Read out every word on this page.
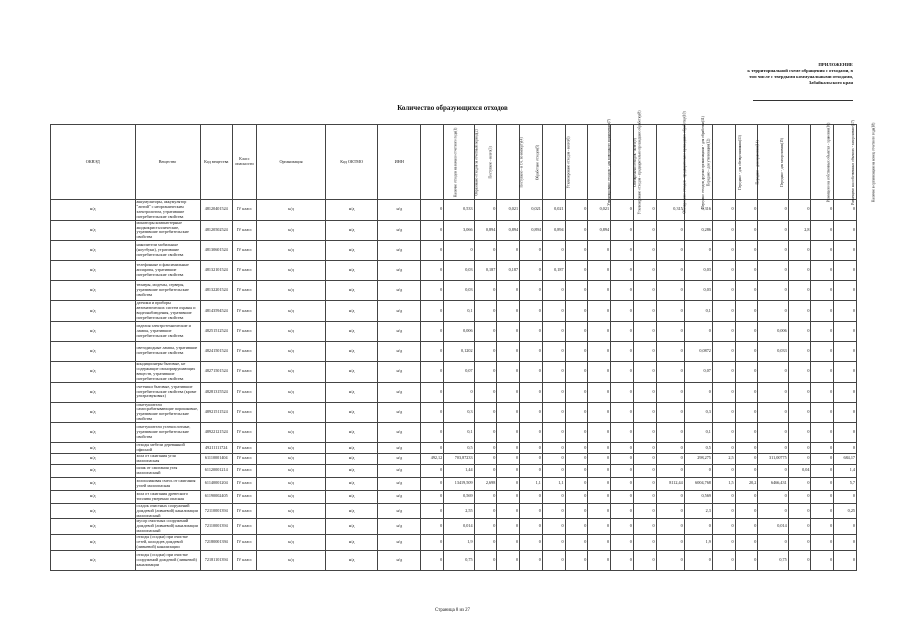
ПРИЛОЖЕНИЕ
к территориальной схеме обращения с отходами, в
том числе с твердыми коммунальными отходами,
Забайкальского края
Количество образующихся отходов
ОКВЭД	Вещество	Код вещества	Класс опасности	Организация	Код ОКТМО	ИНН	Наличие отходов на начало отчетного года(1)	Образовано отходов за отчетный период(2)	Поступило - всего(3)	Поступило - в т.ч. по импорту(4)	Обработано отходов(5)	Утилизировано отходов - всего(6)	Утилизировано отходов - для повторного применения(7)	Утилизировано отходов - предварительно прошедших обработку(8)	Обезврежено отходов - всего(9)	Обезврежено отходов - предварительно прошедших обработку(10)	Передано отходов другим организациям - для обработки(11)	Передано - для утилизации(12)	Передано - для обезвреживания(13)	Передано - для хранения(14)	Передано - для захоронения(15)	Размещено на собственных объектах - хранение(16)	Размещено на собственных объектах - захоронение(17)	Наличие в организации на конец отчетного года(18)
н/д	аккумуляторы, аккумулятор "литий" с неорганическим электролитом, утратившие потребительские свойства	48120401524	IV класс	н/д	н/д	н/д	0	0,533	0	0,021	0,021	0,021	0	0,021	0	0	0,315	0,316	0	0	0	0	0	0
н/д	мониторы компьютерные жидкокристаллические, утратившие потребительские свойства	48120502524	IV класс	н/д	н/д	н/д	0	3,066	0,894	0,894	0,894	0,894	0	0,894	0	0	0	0,286	0	0	0	2,8	0	0
н/д	накопители мобильные (ноутбуки), утратившие потребительские свойства	48130601524	IV класс	н/д	н/д	н/д	0	0	0	0	0	0	0	0	0	0	0	0	0	0	0	0	0	0
н/д	телефонные и факсимильные аппараты, утратившие потребительские свойства	48132101524	IV класс	н/д	н/д	н/д	0	0,03	0,187	0,187	0	0,187	0	0	0	0	0	0,03	0	0	0	0	0	0
н/д	тюнеры, модемы, серверы, утратившие потребительские свойства	48132201524	IV класс	н/д	н/д	н/д	0	0,03	0	0	0	0	0	0	0	0	0	0,03	0	0	0	0	0	0
н/д	датчики и приборы автоматических систем охраны и видеонаблюдения, утратившие потребительские свойства	48143594524	IV класс	н/д	н/д	н/д	0	0,1	0	0	0	0	0	0	0	0	0	0,1	0	0	0	0	0	0
н/д	изделия электротехнические и лампы, утратившие потребительские свойства	48251512524	IV класс	н/д	н/д	н/д	0	0,006	0	0	0	0	0	0	0	0	0	0	0	0	0,006	0	0	0
н/д	светодиодные лампы, утратившие потребительские свойства	48241501524	IV класс	н/д	н/д	н/д	0	0,1202	0	0	0	0	0	0	0	0	0	0,0872	0	0	0,033	0	0	0
н/д	кондиционеры бытовые, не содержащие озоноразрушающих веществ, утратившие потребительские свойства	48271501524	IV класс	н/д	н/д	н/д	0	0,07	0	0	0	0	0	0	0	0	0	0,07	0	0	0	0	0	0
н/д	счетчики бытовые, утратившие потребительские свойства (кроме ультразвуковых)	48281315524	IV класс	н/д	н/д	н/д	0	0	0	0	0	0	0	0	0	0	0	0	0	0	0	0	0	0
н/д	огнетушители самосрабатывающие порошковые, утратившие потребительские свойства	48921511524	IV класс	н/д	н/д	н/д	0	0,3	0	0	0	0	0	0	0	0	0	0,3	0	0	0	0	0	0
н/д	огнетушители углекислотные, утратившие потребительские свойства	48922121524	IV класс	н/д	н/д	н/д	0	0,1	0	0	0	0	0	0	0	0	0	0,1	0	0	0	0	0	0
н/д	отходы мебели деревянной офисной	49211111724	IV класс	н/д	н/д	н/д	0	0,5	0	0	0	0	0	0	0	0	0	0,5	0	0	0	0	0	0
н/д	зола от сжигания угля малоопасная	61110001404	IV класс	н/д	н/д	н/д	492,12	703,87233	0	0	0	0	0	0	0	0	0	298,275	2,5	0	311,00775	0	0	684,17
н/д	шлак от сжигания угля малоопасный	61120001214	IV класс	н/д	н/д	н/д	0	1,44	0	0	0	0	0	0	0	0	0	0	0	0	0	0,04	0	1,4
н/д	золошлаковая смесь от сжигания углей малоопасная	61140001204	IV класс	н/д	н/д	н/д	0	13419,509	2,698	0	1,1	1,1	0	0	0	0	8112,44	6004,768	1,5	20,2	6466,431	0	0	5,7
н/д	зола от сжигания древесного топлива умеренно опасная	61190002405	IV класс	н/д	н/д	н/д	0	0,569	0	0	0	0	0	0	0	0	0	0,569	0	0	0	0	0	0
н/д	осадок очистных сооружений дождевой (ливневой) канализации малоопасный	72110001394	IV класс	н/д	н/д	н/д	0	2,55	0	0	0	0	0	0	0	0	0	2,3	0	0	0	0	0	0,25
н/д	мусор очистных сооружений дождевой (ливневой) канализации малоопасный	72110001394	IV класс	н/д	н/д	н/д	0	0,014	0	0	0	0	0	0	0	0	0	0	0	0	0,014	0	0	0
н/д	отходы (осадки) при очистке сетей, колодцев дождевой (ливневой) канализации	72180001394	IV класс	н/д	н/д	н/д	0	1,9	0	0	0	0	0	0	0	0	0	1,9	0	0	0	0	0	0
н/д	отходы (осадки) при очистке сооружений дождевой (ливневой) канализации	72181101394	IV класс	н/д	н/д	н/д	0	0,75	0	0	0	0	0	0	0	0	0	0	0	0	0,75	0	0	0
Страница 8 из 27
